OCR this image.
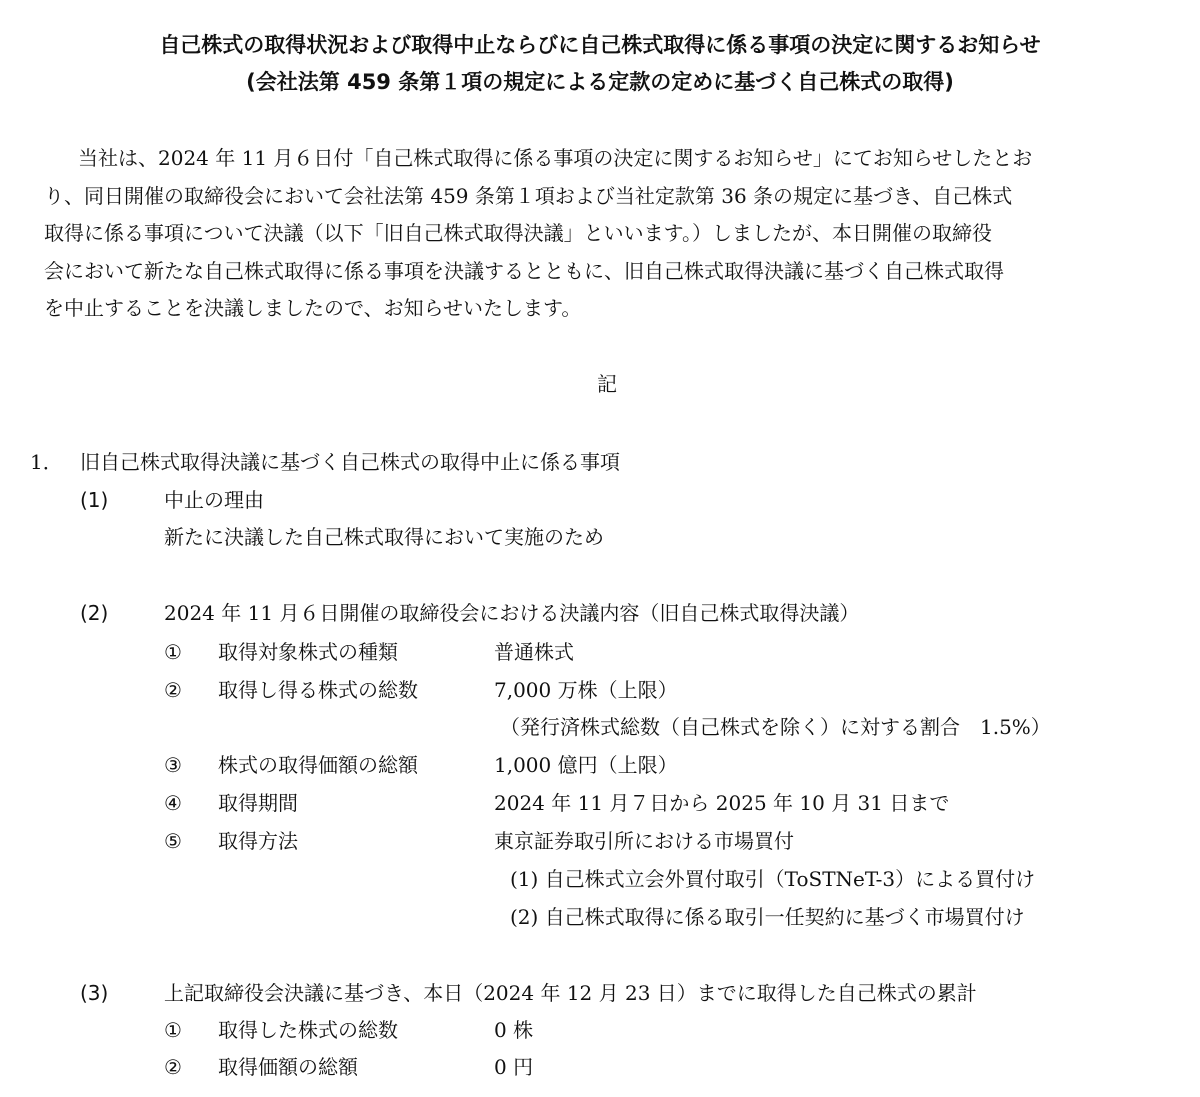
自己株式の取得状況および取得中止ならびに自己株式取得に係る事項の決定に関するお知らせ
(会社法第 459 条第１項の規定による定款の定めに基づく自己株式の取得)
当社は、2024 年 11 月６日付「自己株式取得に係る事項の決定に関するお知らせ」にてお知らせしたとお
り、同日開催の取締役会において会社法第 459 条第１項および当社定款第 36 条の規定に基づき、自己株式
取得に係る事項について決議（以下「旧自己株式取得決議」といいます。）しましたが、本日開催の取締役
会において新たな自己株式取得に係る事項を決議するとともに、旧自己株式取得決議に基づく自己株式取得
を中止することを決議しましたので、お知らせいたします。
記
1． 旧自己株式取得決議に基づく自己株式の取得中止に係る事項
(1)	中止の理由
新たに決議した自己株式取得において実施のため
(2)	2024 年 11 月６日開催の取締役会における決議内容（旧自己株式取得決議）
① 取得対象株式の種類	普通株式
② 取得し得る株式の総数	7,000 万株（上限）
（発行済株式総数（自己株式を除く）に対する割合　1.5%）
③ 株式の取得価額の総額	1,000 億円（上限）
④ 取得期間	2024 年 11 月７日から 2025 年 10 月 31 日まで
⑤ 取得方法	東京証券取引所における市場買付
(1) 自己株式立会外買付取引（ToSTNeT-3）による買付け
(2) 自己株式取得に係る取引一任契約に基づく市場買付け
(3)	上記取締役会決議に基づき、本日（2024 年 12 月 23 日）までに取得した自己株式の累計
① 取得した株式の総数	0 株
② 取得価額の総額	0 円
